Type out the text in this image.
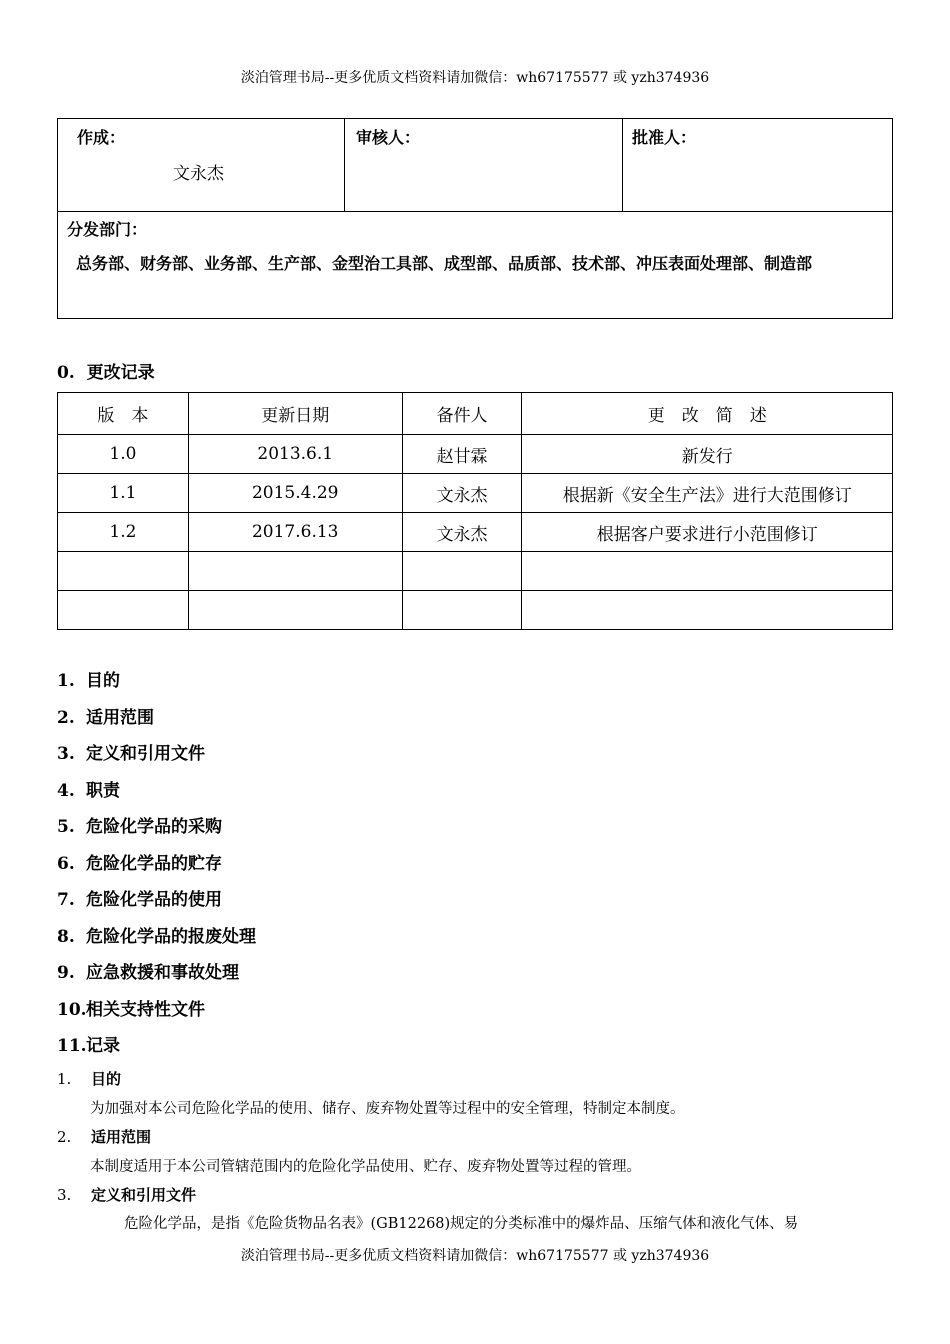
淡泊管理书局--更多优质文档资料请加微信：wh67175577 或 yzh374936
作成：
文永杰
审核人：	批准人：
分发部门：
总务部、财务部、业务部、生产部、金型治工具部、成型部、品质部、技术部、冲压表面处理部、制造部
0. 更改记录
版　本	更新日期	备件人	更　改　简　述
1.0	2013.6.1	赵甘霖	新发行
1.1	2015.4.29	文永杰	根据新《安全生产法》进行大范围修订
1.2	2017.6.13	文永杰	根据客户要求进行小范围修订

1. 目的
2. 适用范围
3. 定义和引用文件
4. 职责
5. 危险化学品的采购
6. 危险化学品的贮存
7. 危险化学品的使用
8. 危险化学品的报废处理
9. 应急救援和事故处理
10.相关支持性文件
11.记录
1. 目的
为加强对本公司危险化学品的使用、储存、废弃物处置等过程中的安全管理，特制定本制度。
2. 适用范围
本制度适用于本公司管辖范围内的危险化学品使用、贮存、废弃物处置等过程的管理。
3. 定义和引用文件
危险化学品，是指《危险货物品名表》(GB12268)规定的分类标准中的爆炸品、压缩气体和液化气体、易
淡泊管理书局--更多优质文档资料请加微信：wh67175577 或 yzh374936
